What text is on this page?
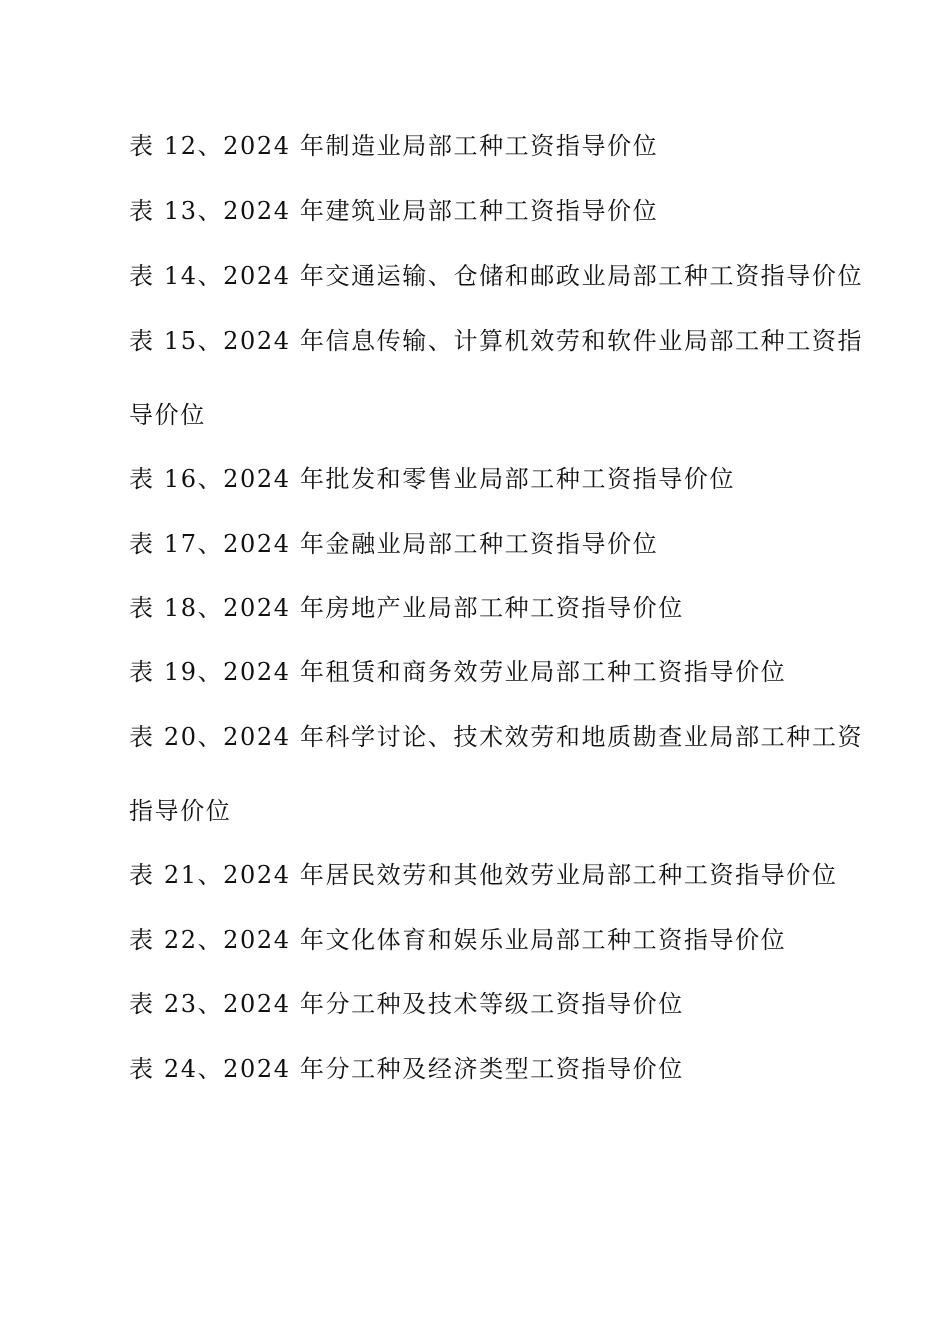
表 12、2024 年制造业局部工种工资指导价位
表 13、2024 年建筑业局部工种工资指导价位
表 14、2024 年交通运输、仓储和邮政业局部工种工资指导价位
表 15、2024 年信息传输、计算机效劳和软件业局部工种工资指
导价位
表 16、2024 年批发和零售业局部工种工资指导价位
表 17、2024 年金融业局部工种工资指导价位
表 18、2024 年房地产业局部工种工资指导价位
表 19、2024 年租赁和商务效劳业局部工种工资指导价位
表 20、2024 年科学讨论、技术效劳和地质勘查业局部工种工资
指导价位
表 21、2024 年居民效劳和其他效劳业局部工种工资指导价位
表 22、2024 年文化体育和娱乐业局部工种工资指导价位
表 23、2024 年分工种及技术等级工资指导价位
表 24、2024 年分工种及经济类型工资指导价位
